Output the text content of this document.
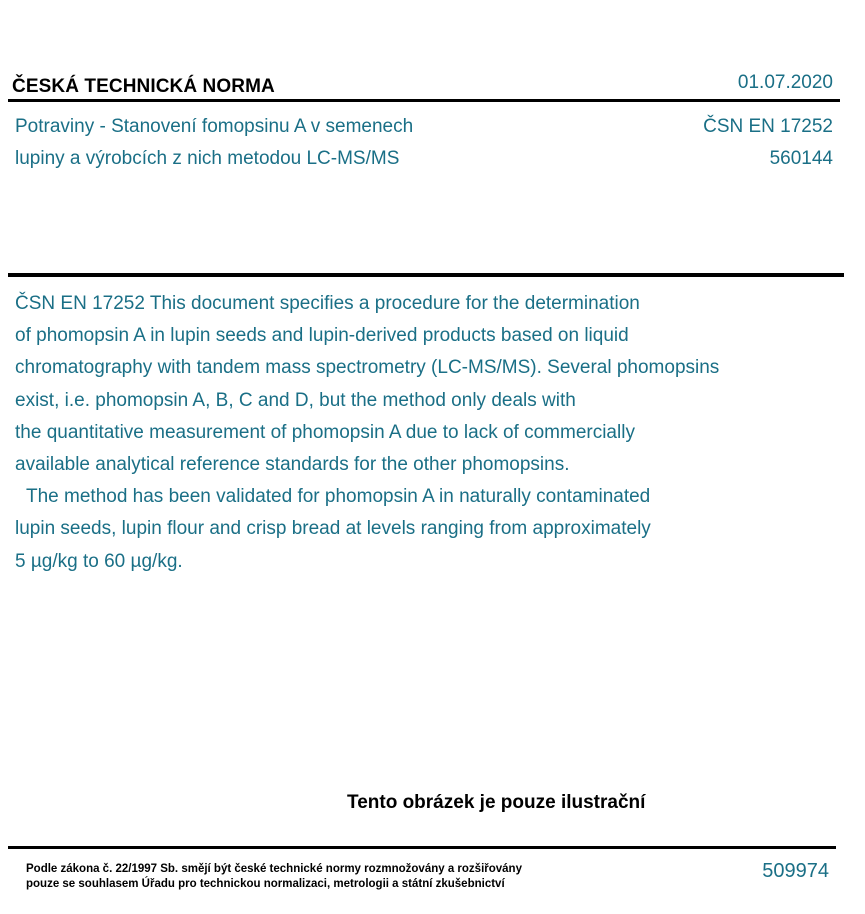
ČESKÁ TECHNICKÁ NORMA	01.07.2020
Potraviny - Stanovení fomopsinu A v semenech
lupiny a výrobcích z nich metodou LC-MS/MS
ČSN EN 17252
560144

ČSN EN 17252 This document specifies a procedure for the determination

of phomopsin A in lupin seeds and lupin-derived products based on liquid

chromatography with tandem mass spectrometry (LC-MS/MS). Several phomopsins

exist, i.e. phomopsin A, B, C and D, but the method only deals with

the quantitative measurement of phomopsin A due to lack of commercially

available analytical reference standards for the other phomopsins.

The method has been validated for phomopsin A in naturally contaminated

lupin seeds, lupin flour and crisp bread at levels ranging from approximately

5 µg/kg to 60 µg/kg.

Tento obrázek je pouze ilustrační
Podle zákona č. 22/1997 Sb. smějí být české technické normy rozmnožovány a rozšiřovány
pouze se souhlasem Úřadu pro technickou normalizaci, metrologii a státní zkušebnictví
509974
